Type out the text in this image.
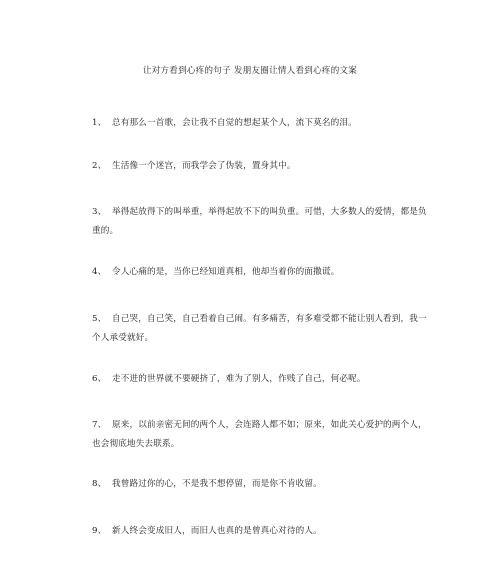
让对方看到心疼的句子 发朋友圈让情人看到心疼的文案
1、 总有那么一首歌，会让我不自觉的想起某个人，流下莫名的泪。
2、 生活像一个迷宫，而我学会了伪装，置身其中。
3、 举得起放得下的叫举重，举得起放不下的叫负重。可惜，大多数人的爱情，都是负重的。
4、 令人心痛的是，当你已经知道真相，他却当着你的面撒谎。
5、 自己哭，自己笑，自己看着自己闹。有多痛苦，有多难受都不能让别人看到，我一个人承受就好。
6、 走不进的世界就不要硬挤了，难为了别人，作贱了自己，何必呢。
7、 原来，以前亲密无间的两个人，会连路人都不如；原来，如此关心爱护的两个人，也会彻底地失去联系。
8、 我曾路过你的心，不是我不想停留，而是你不肯收留。
9、 新人终会变成旧人，而旧人也真的是曾真心对待的人。
